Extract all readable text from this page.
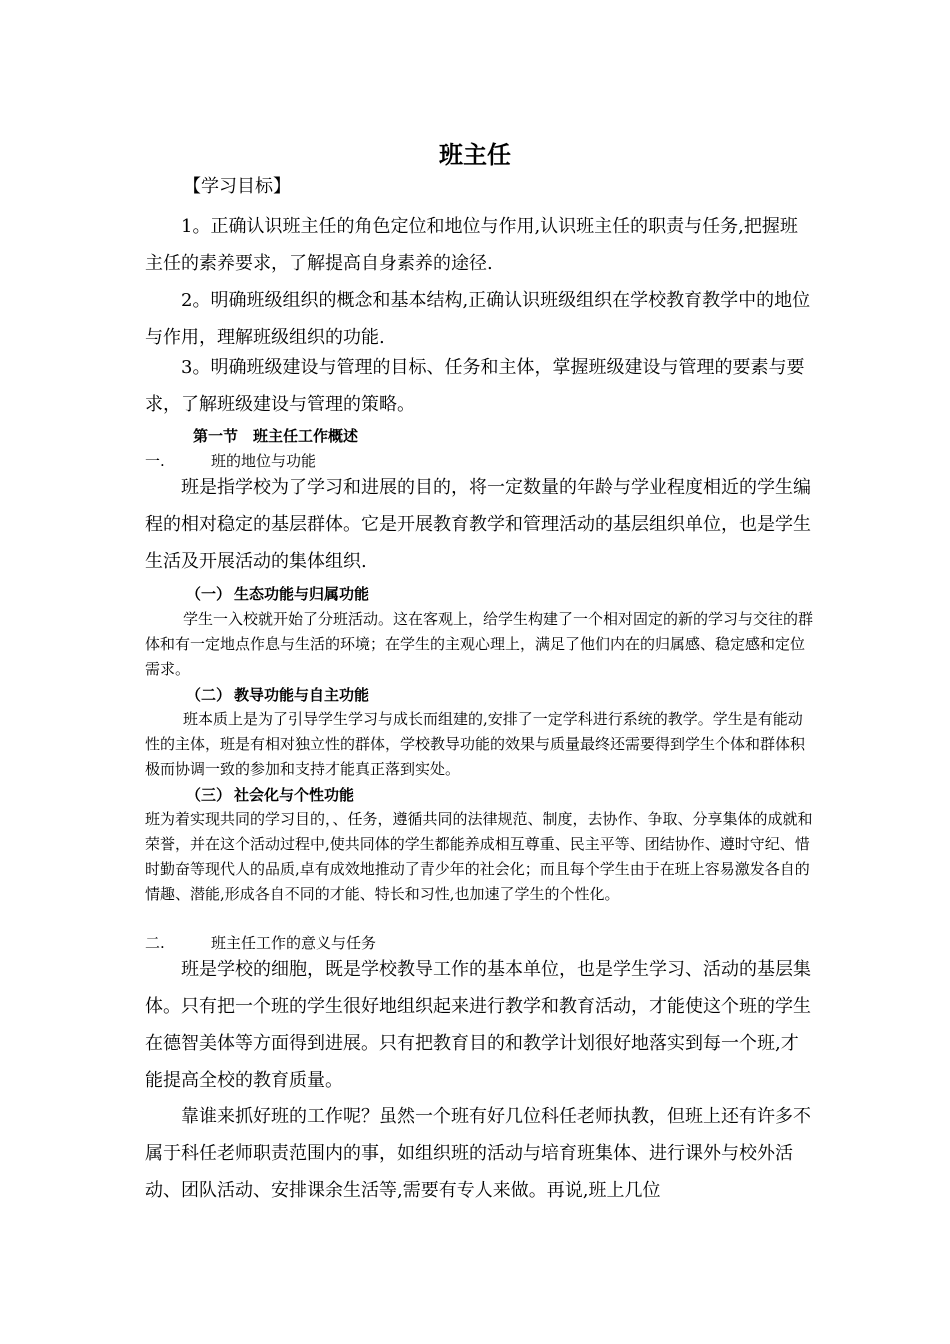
班主任

【学习目标】

1。正确认识班主任的角色定位和地位与作用,认识班主任的职责与任务,把握班主任的素养要求，了解提高自身素养的途径.

2。明确班级组织的概念和基本结构,正确认识班级组织在学校教育教学中的地位与作用，理解班级组织的功能.

3。明确班级建设与管理的目标、任务和主体，掌握班级建设与管理的要素与要求，了解班级建设与管理的策略。

第一节　班主任工作概述
一.	班的地位与功能

班是指学校为了学习和进展的目的，将一定数量的年龄与学业程度相近的学生编程的相对稳定的基层群体。它是开展教育教学和管理活动的基层组织单位，也是学生生活及开展活动的集体组织.

（一） 生态功能与归属功能

学生一入校就开始了分班活动。这在客观上，给学生构建了一个相对固定的新的学习与交往的群体和有一定地点作息与生活的环境；在学生的主观心理上，满足了他们内在的归属感、稳定感和定位需求。

（二） 教导功能与自主功能

班本质上是为了引导学生学习与成长而组建的,安排了一定学科进行系统的教学。学生是有能动性的主体，班是有相对独立性的群体，学校教导功能的效果与质量最终还需要得到学生个体和群体积极而协调一致的参加和支持才能真正落到实处。

（三） 社会化与个性功能

班为着实现共同的学习目的，、任务，遵循共同的法律规范、制度，去协作、争取、分享集体的成就和荣誉，并在这个活动过程中,使共同体的学生都能养成相互尊重、民主平等、团结协作、遵时守纪、惜时勤奋等现代人的品质,卓有成效地推动了青少年的社会化；而且每个学生由于在班上容易激发各自的情趣、潜能,形成各自不同的才能、特长和习性,也加速了学生的个性化。

二.	班主任工作的意义与任务

班是学校的细胞，既是学校教导工作的基本单位，也是学生学习、活动的基层集体。只有把一个班的学生很好地组织起来进行教学和教育活动，才能使这个班的学生在德智美体等方面得到进展。只有把教育目的和教学计划很好地落实到每一个班,才能提高全校的教育质量。

靠谁来抓好班的工作呢？虽然一个班有好几位科任老师执教，但班上还有许多不属于科任老师职责范围内的事，如组织班的活动与培育班集体、进行课外与校外活动、团队活动、安排课余生活等,需要有专人来做。再说,班上几位
